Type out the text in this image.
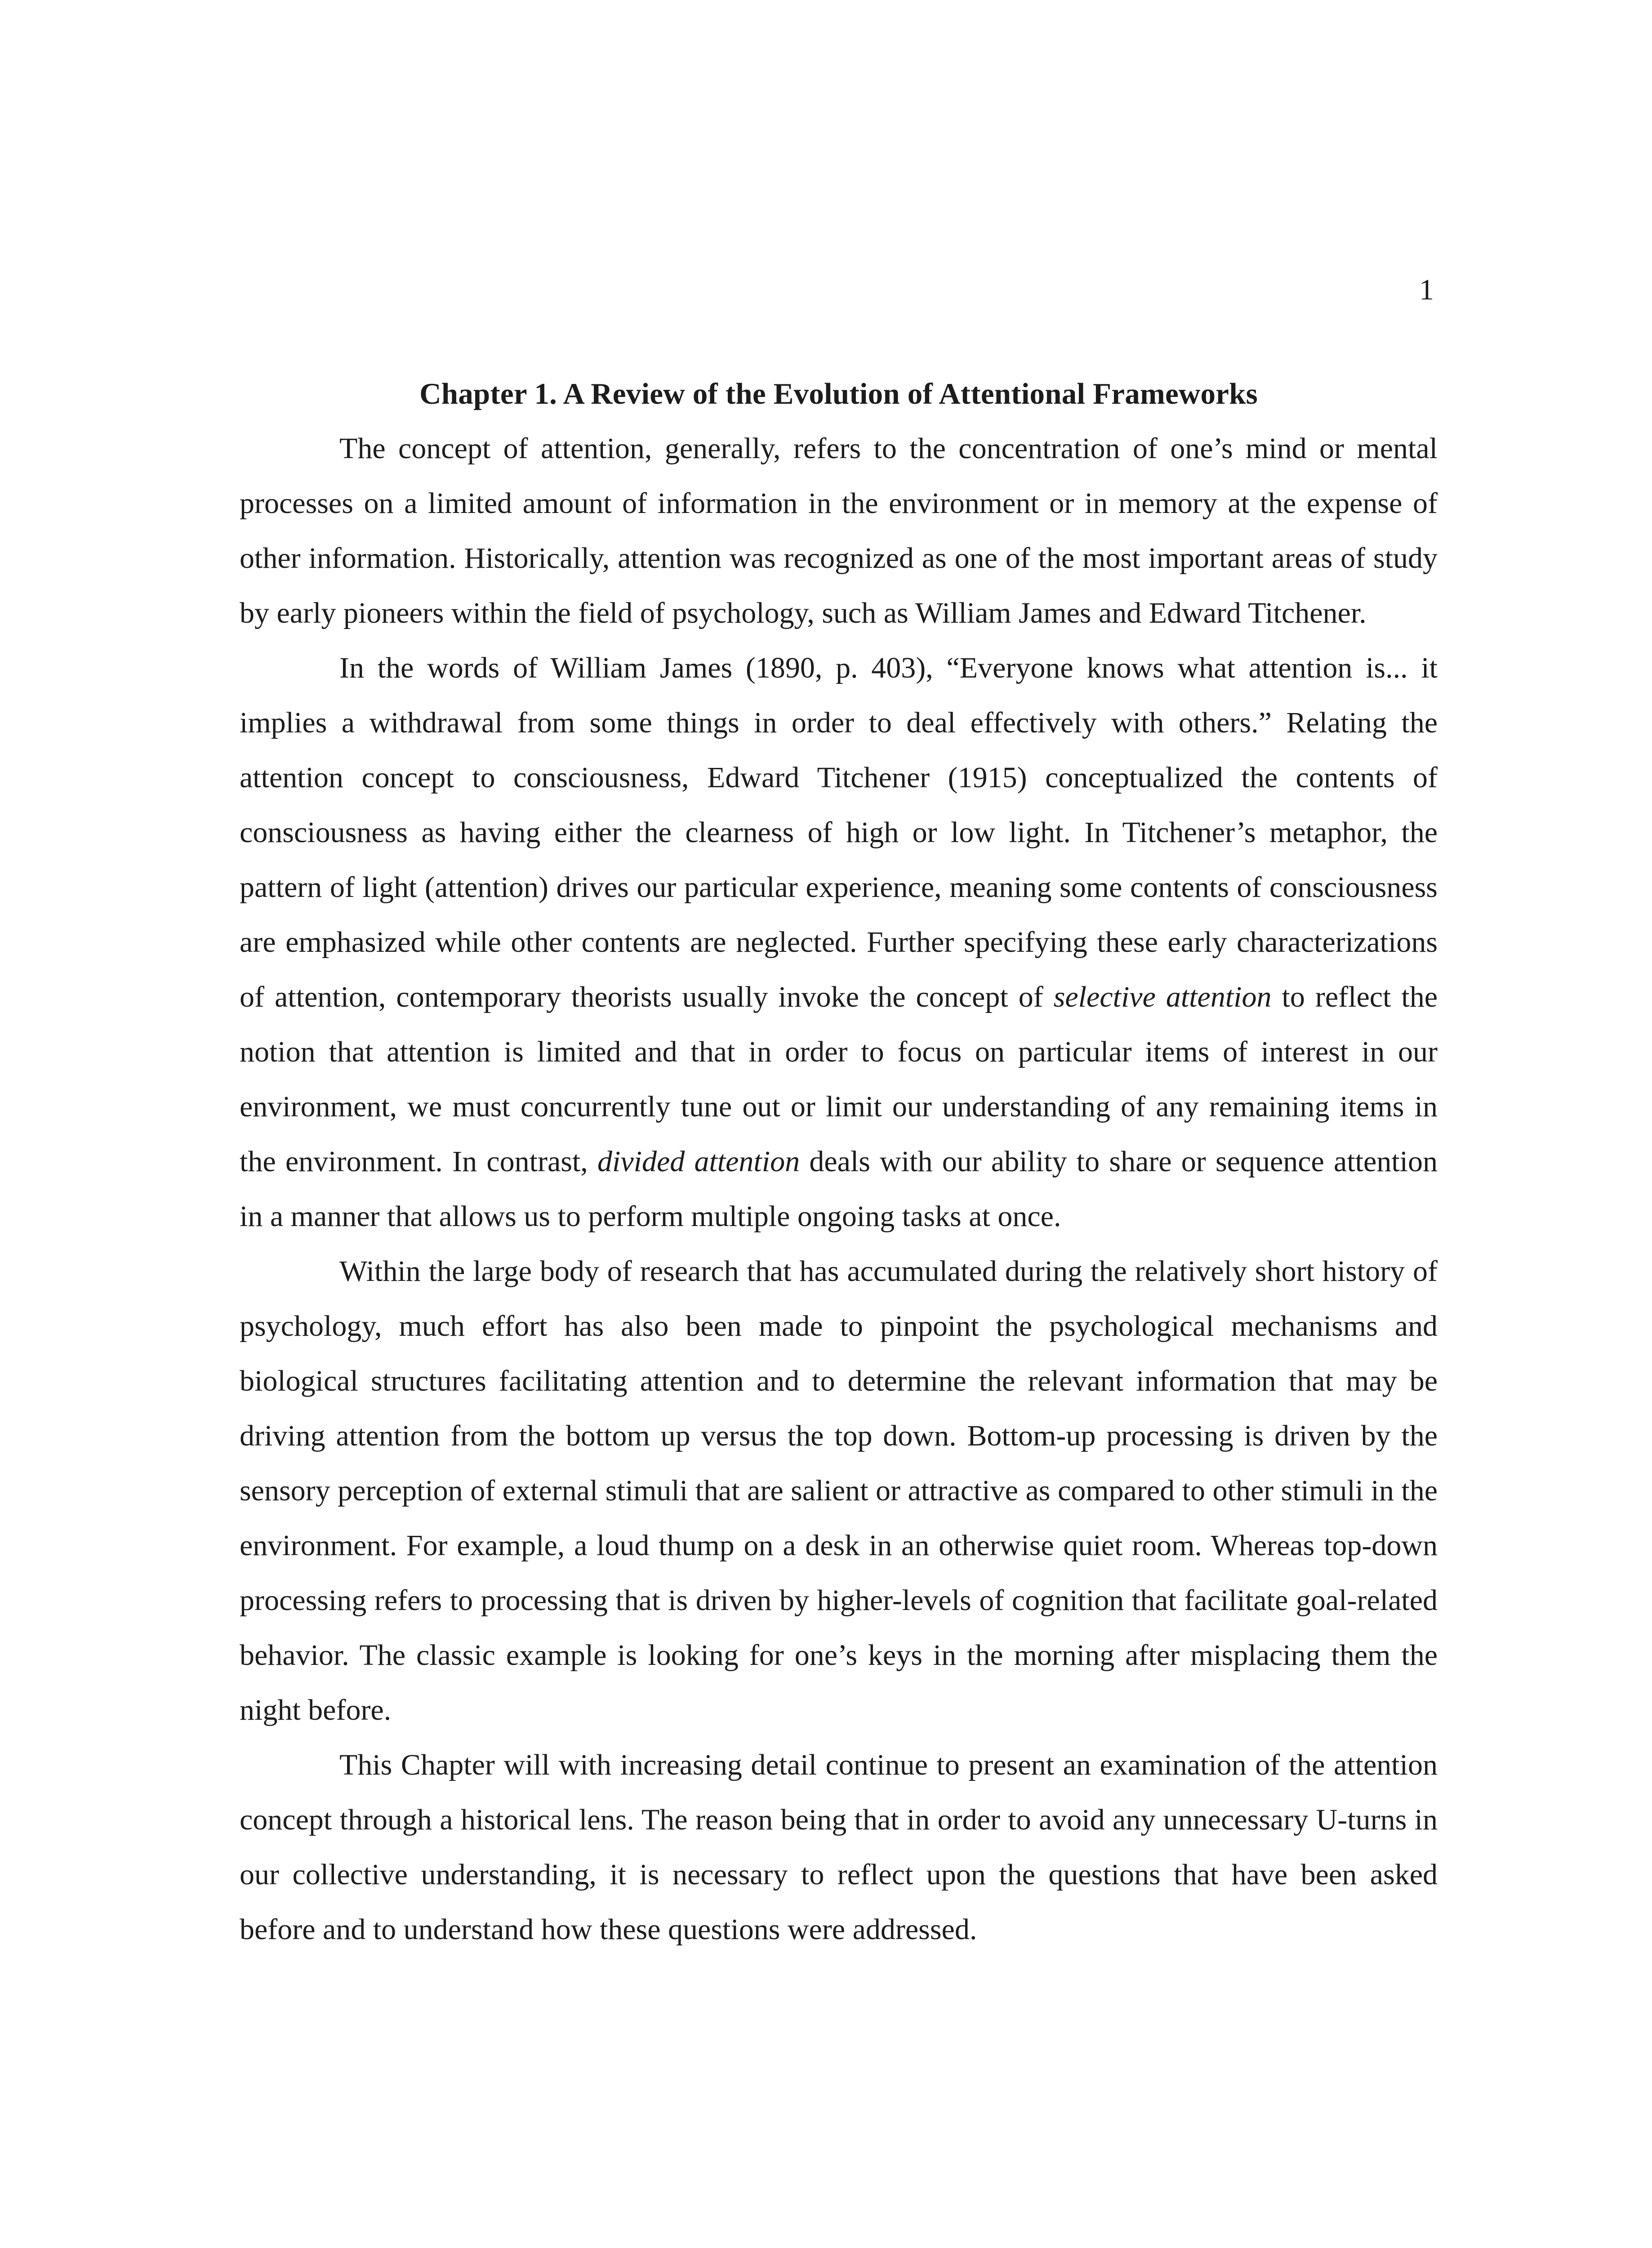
1

Chapter 1. A Review of the Evolution of Attentional Frameworks

The concept of attention, generally, refers to the concentration of one’s mind or mental processes on a limited amount of information in the environment or in memory at the expense of other information. Historically, attention was recognized as one of the most important areas of study by early pioneers within the field of psychology, such as William James and Edward Titchener.

In the words of William James (1890, p. 403), “Everyone knows what attention is... it implies a withdrawal from some things in order to deal effectively with others.” Relating the attention concept to consciousness, Edward Titchener (1915) conceptualized the contents of consciousness as having either the clearness of high or low light. In Titchener’s metaphor, the pattern of light (attention) drives our particular experience, meaning some contents of consciousness are emphasized while other contents are neglected. Further specifying these early characterizations of attention, contemporary theorists usually invoke the concept of selective attention to reflect the notion that attention is limited and that in order to focus on particular items of interest in our environment, we must concurrently tune out or limit our understanding of any remaining items in the environment. In contrast, divided attention deals with our ability to share or sequence attention in a manner that allows us to perform multiple ongoing tasks at once.

Within the large body of research that has accumulated during the relatively short history of psychology, much effort has also been made to pinpoint the psychological mechanisms and biological structures facilitating attention and to determine the relevant information that may be driving attention from the bottom up versus the top down. Bottom-up processing is driven by the sensory perception of external stimuli that are salient or attractive as compared to other stimuli in the environment. For example, a loud thump on a desk in an otherwise quiet room. Whereas top-down processing refers to processing that is driven by higher-levels of cognition that facilitate goal-related behavior. The classic example is looking for one’s keys in the morning after misplacing them the night before.

This Chapter will with increasing detail continue to present an examination of the attention concept through a historical lens. The reason being that in order to avoid any unnecessary U-turns in our collective understanding, it is necessary to reflect upon the questions that have been asked before and to understand how these questions were addressed.
